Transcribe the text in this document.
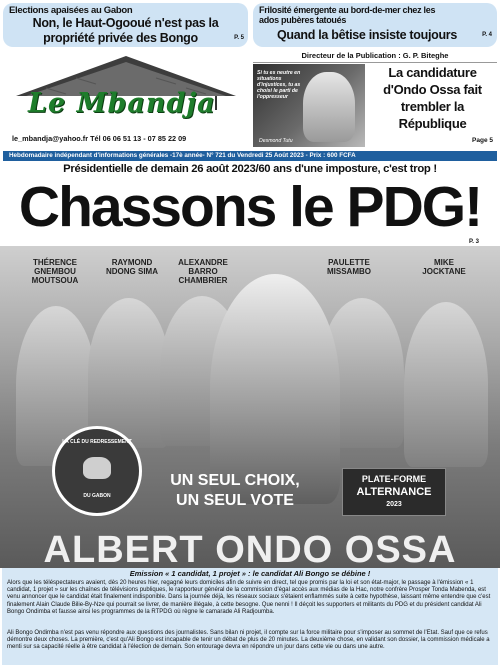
Elections apaisées au Gabon
Non, le Haut-Ogooué n'est pas la
propriété privée des Bongo	P. 5
Frilosité émergente au bord-de-mer chez les
ados pubères tatoués
Quand la bêtise insiste toujours	P. 4
Le Mbandja
le_mbandja@yahoo.fr Tél 06 06 51 13 - 07 85 22 09
Directeur de la Publication : G. P. Biteghe
Si tu es neutre en situations d'injustices, tu as choisi le parti de l'oppresseur
Desmond Tutu
La candidature
d'Ondo Ossa fait
trembler la
République
Page 5
Hebdomadaire indépendant d'informations générales -17è année- N° 721 du Vendredi 25 Août 2023 - Prix : 600 FCFA
Présidentielle de demain 26 août 2023/60 ans d'une imposture, c'est trop !
Chassons le PDG!
P. 3
THÉRENCE GNEMBOU MOUTSOUA
RAYMOND NDONG SIMA
ALEXANDRE BARRO CHAMBRIER
PAULETTE MISSAMBO
MIKE JOCKTANE
LA CLÉ DU REDRESSEMENT
DU GABON
UN SEUL CHOIX,
UN SEUL VOTE
PLATE-FORME
ALTERNANCE
2023
ALBERT ONDO OSSA
Emission « 1 candidat, 1 projet » : le candidat Ali Bongo se débine !
Alors que les téléspectateurs avaient, dès 20 heures hier, regagné leurs domiciles afin de suivre en direct, tel que promis par la loi et son état-major, le passage à l'émission « 1 candidat, 1 projet » sur les chaînes de télévisions publiques, le rapporteur général de la commission d'égal accès aux médias de la Hac, notre confrère Prosper Tonda Mabenda, est venu annoncer que le candidat était finalement indisponible. Dans la journée déjà, les réseaux sociaux s'étaient enflammés suite à cette hypothèse, laissant même entendre que c'est finalement Alain Claude Bilie-By-Nze qui pourrait se livrer, de manière illégale, à cette besogne. Que nenni ! Il déçoit les supporters et militants du PDG et du président candidat Ali Bongo Ondimba et fausse ainsi les programmes de la RTPDG où règne le camarade Ali Radjoumba.
Ali Bongo Ondimba n'est pas venu répondre aux questions des journalistes. Sans bilan ni projet, il compte sur la force militaire pour s'imposer au sommet de l'Etat. Sauf que ce refus démontre deux choses. La première, c'est qu'Ali Bongo est incapable de tenir un débat de plus de 20 minutes. La deuxième chose, en validant son dossier, la commission médicale a menti sur sa capacité réelle à être candidat à l'élection de demain. Son entourage devra en répondre un jour dans cette vie ou dans une autre.
